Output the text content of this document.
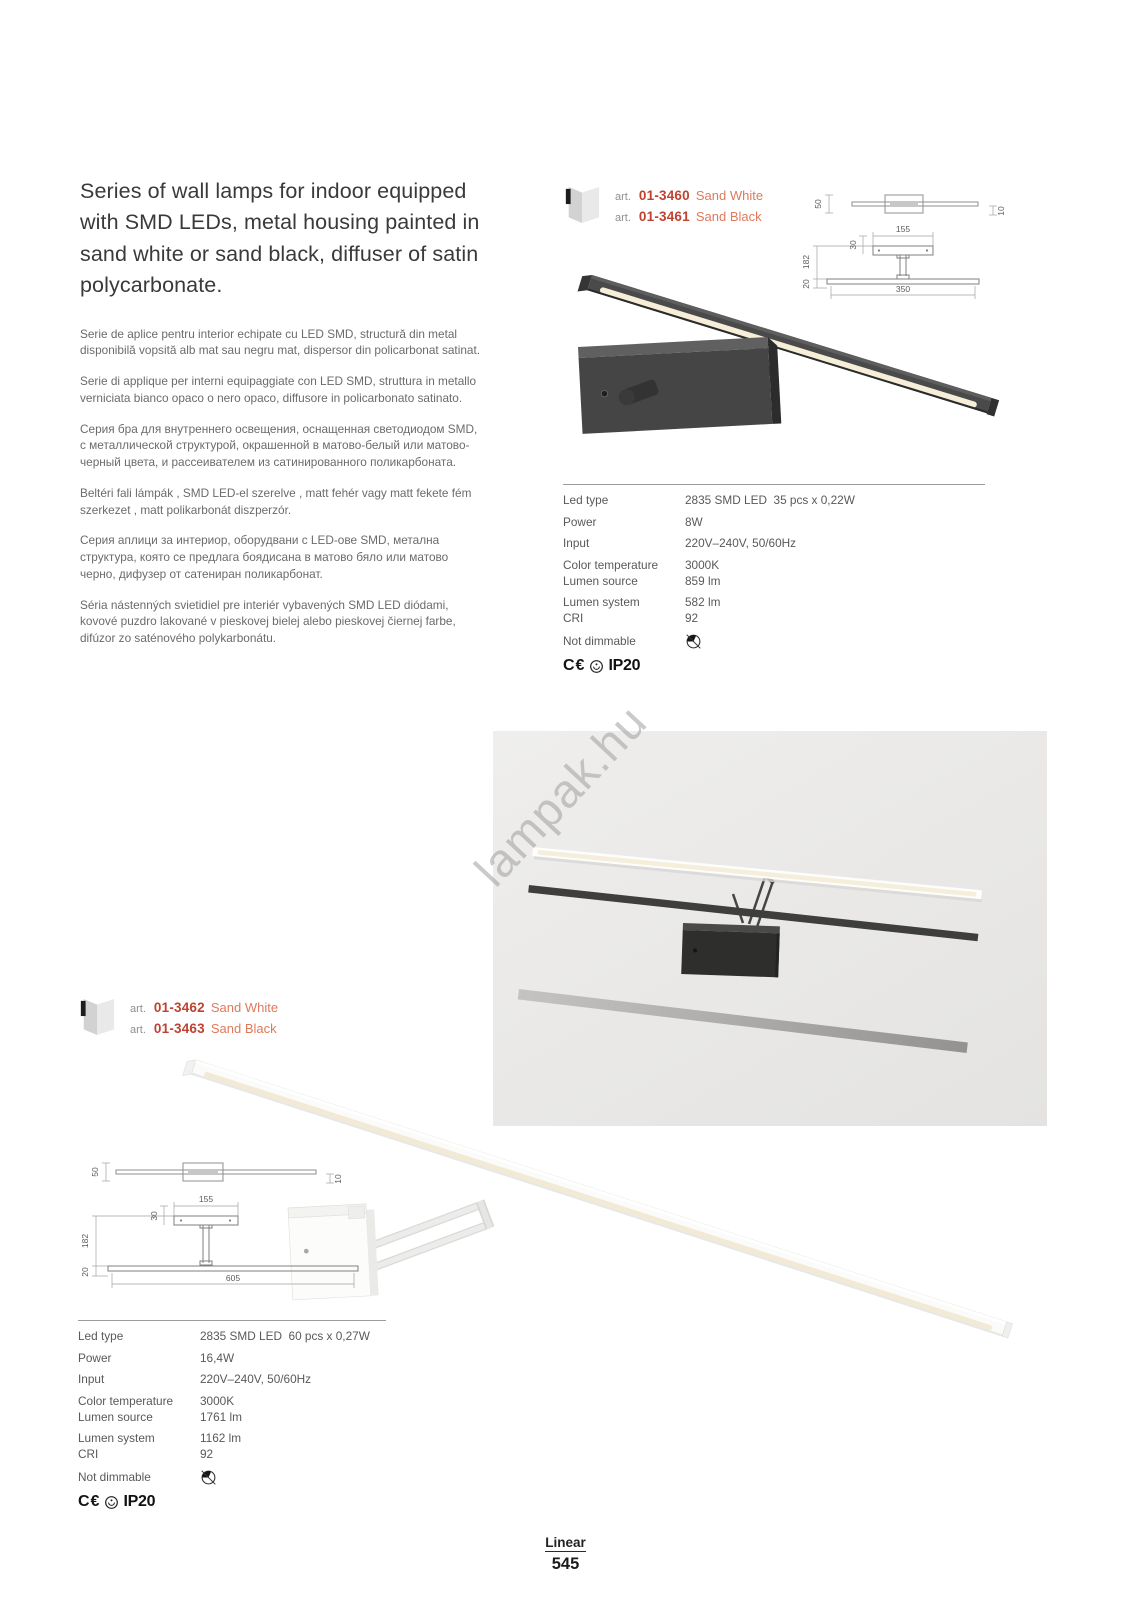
Series of wall lamps for indoor equipped with SMD LEDs, metal housing painted in sand white or sand black, diffuser of satin polycarbonate.

Serie de aplice pentru interior echipate cu LED SMD, structură din metal disponibilă vopsită alb mat sau negru mat, dispersor din policarbonat satinat.

Serie di applique per interni equipaggiate con LED SMD, struttura in metallo verniciata bianco opaco o nero opaco, diffusore in policarbonato satinato.

Серия бра для внутреннего освещения, оснащенная светодиодом SMD, с металлической структурой, окрашенной в матово-белый или матово-черный цвета, и рассеивателем из сатинированного поликарбоната.

Beltéri fali lámpák , SMD LED-el szerelve , matt fehér vagy matt fekete fém szerkezet , matt polikarbonát diszperzór.

Серия аплици за интериор, оборудвани с LED-ове SMD, метална структура, която се предлага боядисана в матово бяло или матово черно, дифузер от сатениран поликарбонат.

Séria nástenných svietidiel pre interiér vybavených SMD LED diódami, kovové puzdro lakované v pieskovej bielej alebo pieskovej čiernej farbe, difúzor zo saténového polykarbonátu.

art. 01-3460 Sand White
art. 01-3461 Sand Black
50
10
155
30
182
20	350
Led type	2835 SMD LED  35 pcs x 0,22W
Power	8W
Input	220V–240V, 50/60Hz
Color temperature	3000K
Lumen source	859 lm
Lumen system	582 lm
CRI	92
Not dimmable
C€ IP20
lampak.hu
art. 01-3462 Sand White
art. 01-3463 Sand Black
50
10
155
30
182
20
605
Led type	2835 SMD LED  60 pcs x 0,27W
Power	16,4W
Input	220V–240V, 50/60Hz
Color temperature	3000K
Lumen source	1761 lm
Lumen system	1162 lm
CRI	92
Not dimmable
C€ IP20
Linear
545
